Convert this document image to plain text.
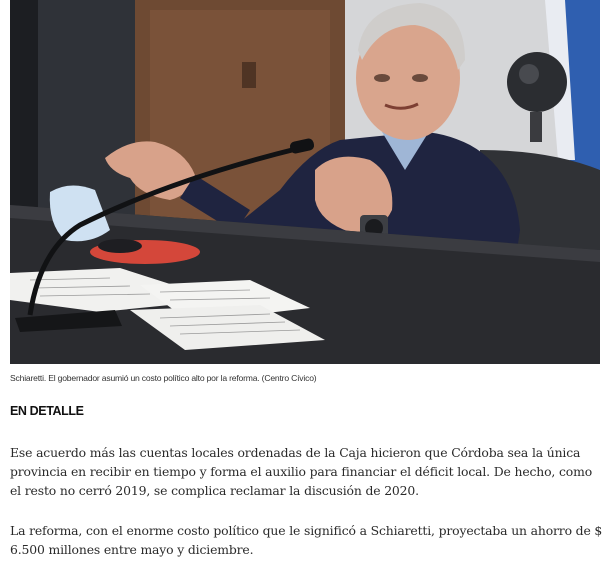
Schiaretti. El gobernador asumió un costo político alto por la reforma. (Centro Cívico)
EN DETALLE

Ese acuerdo más las cuentas locales ordenadas de la Caja hicieron que Córdoba sea la única provincia en recibir en tiempo y forma el auxilio para financiar el déficit local. De hecho, como el resto no cerró 2019, se complica reclamar la discusión de 2020.

La reforma, con el enorme costo político que le significó a Schiaretti, proyectaba un ahorro de $ 6.500 millones entre mayo y diciembre.
